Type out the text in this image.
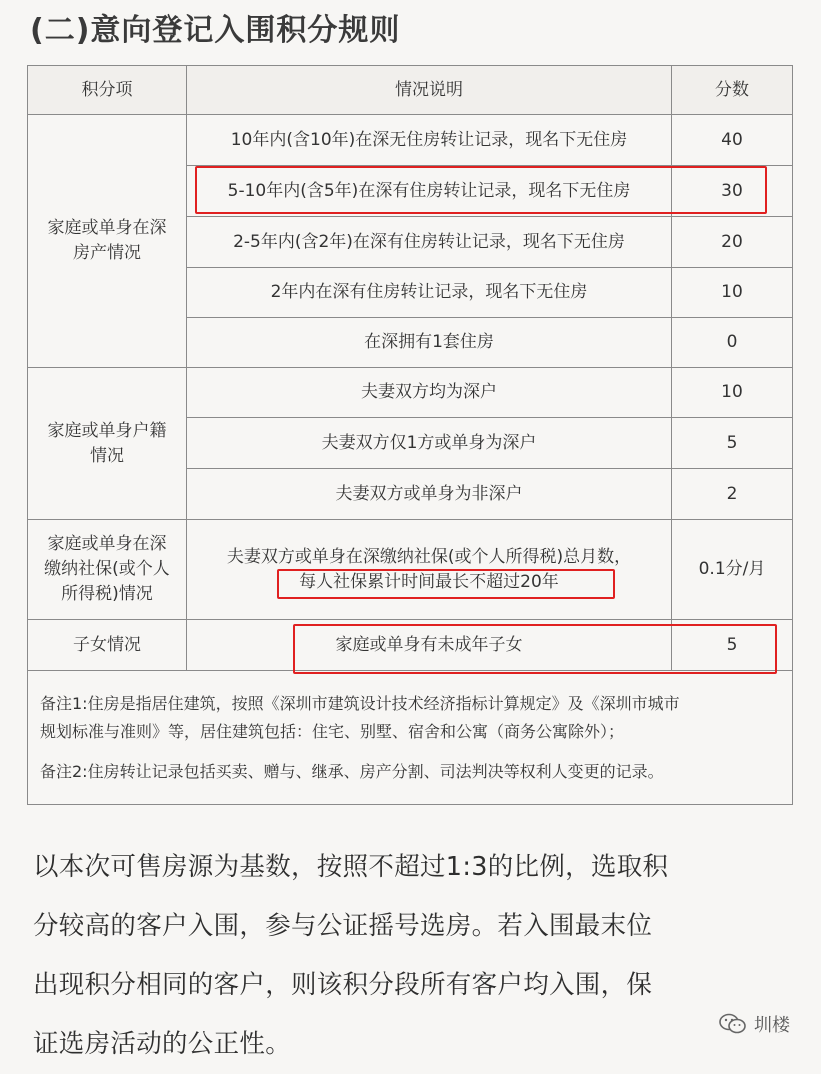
(二)意向登记入围积分规则
积分项	情况说明	分数

家庭或单身在深
房产情况	10年内(含10年)在深无住房转让记录，现名下无住房	40
	5-10年内(含5年)在深有住房转让记录，现名下无住房	30
	2-5年内(含2年)在深有住房转让记录，现名下无住房	20
	2年内在深有住房转让记录，现名下无住房	10
	在深拥有1套住房	0

家庭或单身户籍
情况	夫妻双方均为深户	10
	夫妻双方仅1方或单身为深户	5
	夫妻双方或单身为非深户	2

家庭或单身在深
缴纳社保(或个人
所得税)情况	夫妻双方或单身在深缴纳社保(或个人所得税)总月数，
每人社保累计时间最长不超过20年	0.1分/月
子女情况	家庭或单身有未成年子女	5

备注1:住房是指居住建筑，按照《深圳市建筑设计技术经济指标计算规定》及《深圳市城市
规划标准与准则》等，居住建筑包括：住宅、别墅、宿舍和公寓（商务公寓除外）；
备注2:住房转让记录包括买卖、赠与、继承、房产分割、司法判决等权利人变更的记录。		
以本次可售房源为基数，按照不超过1:3的比例，选取积
分较高的客户入围，参与公证摇号选房。若入围最末位
出现积分相同的客户，则该积分段所有客户均入围，保
证选房活动的公正性。
圳楼
